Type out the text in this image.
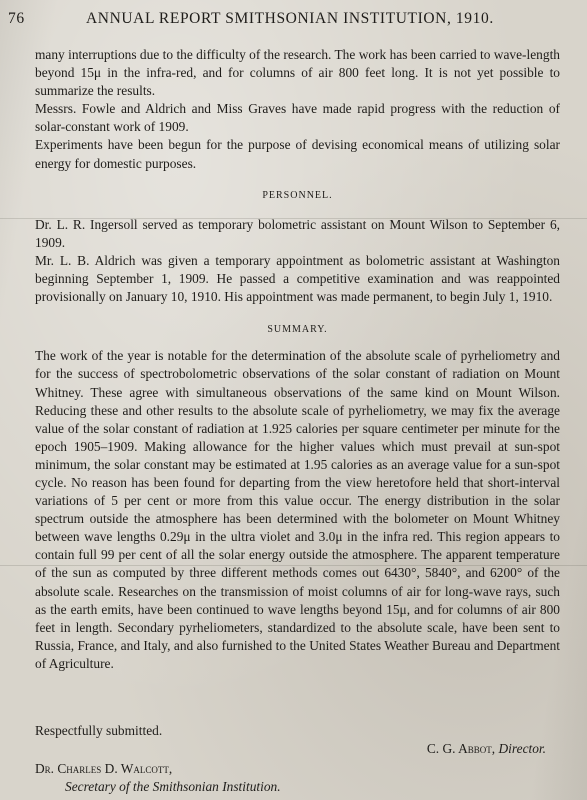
76	ANNUAL REPORT SMITHSONIAN INSTITUTION, 1910.

many interruptions due to the difficulty of the research. The work has been carried to wave-length beyond 15μ in the infra-red, and for columns of air 800 feet long. It is not yet possible to summarize the results.

Messrs. Fowle and Aldrich and Miss Graves have made rapid progress with the reduction of solar-constant work of 1909.

Experiments have been begun for the purpose of devising economical means of utilizing solar energy for domestic purposes.

PERSONNEL.

Dr. L. R. Ingersoll served as temporary bolometric assistant on Mount Wilson to September 6, 1909.

Mr. L. B. Aldrich was given a temporary appointment as bolometric assistant at Washington beginning September 1, 1909. He passed a competitive examination and was reappointed provisionally on January 10, 1910. His appointment was made permanent, to begin July 1, 1910.

SUMMARY.

The work of the year is notable for the determination of the absolute scale of pyrheliometry and for the success of spectrobolometric observations of the solar constant of radiation on Mount Whitney. These agree with simultaneous observations of the same kind on Mount Wilson. Reducing these and other results to the absolute scale of pyrheliometry, we may fix the average value of the solar constant of radiation at 1.925 calories per square centimeter per minute for the epoch 1905–1909. Making allowance for the higher values which must prevail at sun-spot minimum, the solar constant may be estimated at 1.95 calories as an average value for a sun-spot cycle. No reason has been found for departing from the view heretofore held that short-interval variations of 5 per cent or more from this value occur. The energy distribution in the solar spectrum outside the atmosphere has been determined with the bolometer on Mount Whitney between wave lengths 0.29μ in the ultra violet and 3.0μ in the infra red. This region appears to contain full 99 per cent of all the solar energy outside the atmosphere. The apparent temperature of the sun as computed by three different methods comes out 6430°, 5840°, and 6200° of the absolute scale. Researches on the transmission of moist columns of air for long-wave rays, such as the earth emits, have been continued to wave lengths beyond 15μ, and for columns of air 800 feet in length. Secondary pyrheliometers, standardized to the absolute scale, have been sent to Russia, France, and Italy, and also furnished to the United States Weather Bureau and Department of Agriculture.

Respectfully submitted.
C. G. Abbot, Director.
Dr. Charles D. Walcott,
Secretary of the Smithsonian Institution.
